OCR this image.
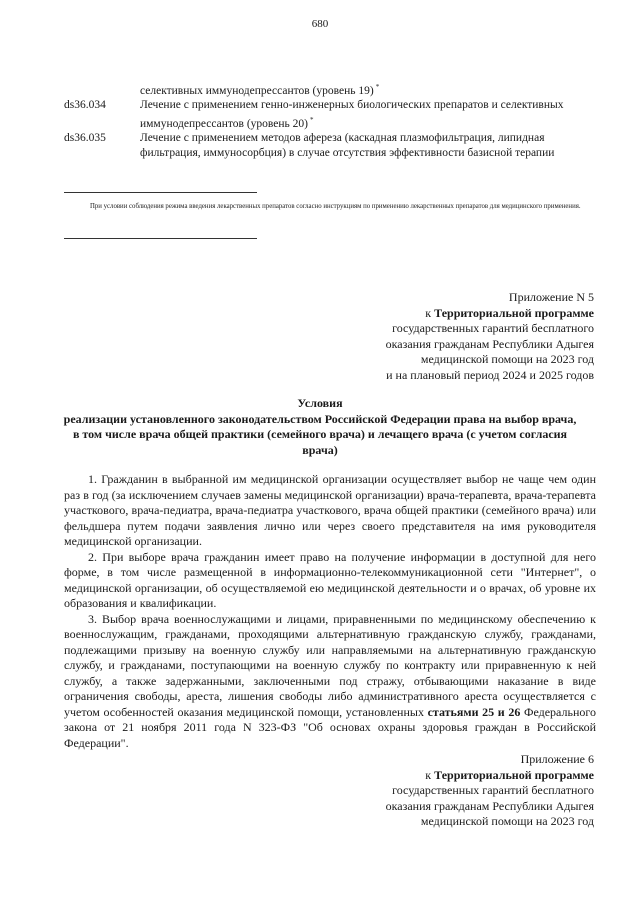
680
селективных иммунодепрессантов (уровень 19) *
ds36.034	Лечение с применением генно-инженерных биологических препаратов и селективных иммунодепрессантов (уровень 20) *
ds36.035	Лечение с применением методов афереза (каскадная плазмофильтрация, липидная фильтрация, иммуносорбция) в случае отсутствия эффективности базисной терапии
При условии соблюдения режима введения лекарственных препаратов согласно инструкциям по применению лекарственных препаратов для медицинского применения.
Приложение N 5
к Территориальной программе
государственных гарантий бесплатного
оказания гражданам Республики Адыгея
медицинской помощи на 2023 год
и на плановый период 2024 и 2025 годов
Условия
реализации установленного законодательством Российской Федерации права на выбор врача,
в том числе врача общей практики (семейного врача) и лечащего врача (с учетом согласия
врача)

1. Гражданин в выбранной им медицинской организации осуществляет выбор не чаще чем один раз в год (за исключением случаев замены медицинской организации) врача-терапевта, врача-терапевта участкового, врача-педиатра, врача-педиатра участкового, врача общей практики (семейного врача) или фельдшера путем подачи заявления лично или через своего представителя на имя руководителя медицинской организации.

2. При выборе врача гражданин имеет право на получение информации в доступной для него форме, в том числе размещенной в информационно-телекоммуникационной сети "Интернет", о медицинской организации, об осуществляемой ею медицинской деятельности и о врачах, об уровне их образования и квалификации.

3. Выбор врача военнослужащими и лицами, приравненными по медицинскому обеспечению к военнослужащим, гражданами, проходящими альтернативную гражданскую службу, гражданами, подлежащими призыву на военную службу или направляемыми на альтернативную гражданскую службу, и гражданами, поступающими на военную службу по контракту или приравненную к ней службу, а также задержанными, заключенными под стражу, отбывающими наказание в виде ограничения свободы, ареста, лишения свободы либо административного ареста осуществляется с учетом особенностей оказания медицинской помощи, установленных статьями 25 и 26 Федерального закона от 21 ноября 2011 года N 323-ФЗ "Об основах охраны здоровья граждан в Российской Федерации".

Приложение 6
к Территориальной программе
государственных гарантий бесплатного
оказания гражданам Республики Адыгея
медицинской помощи на 2023 год
